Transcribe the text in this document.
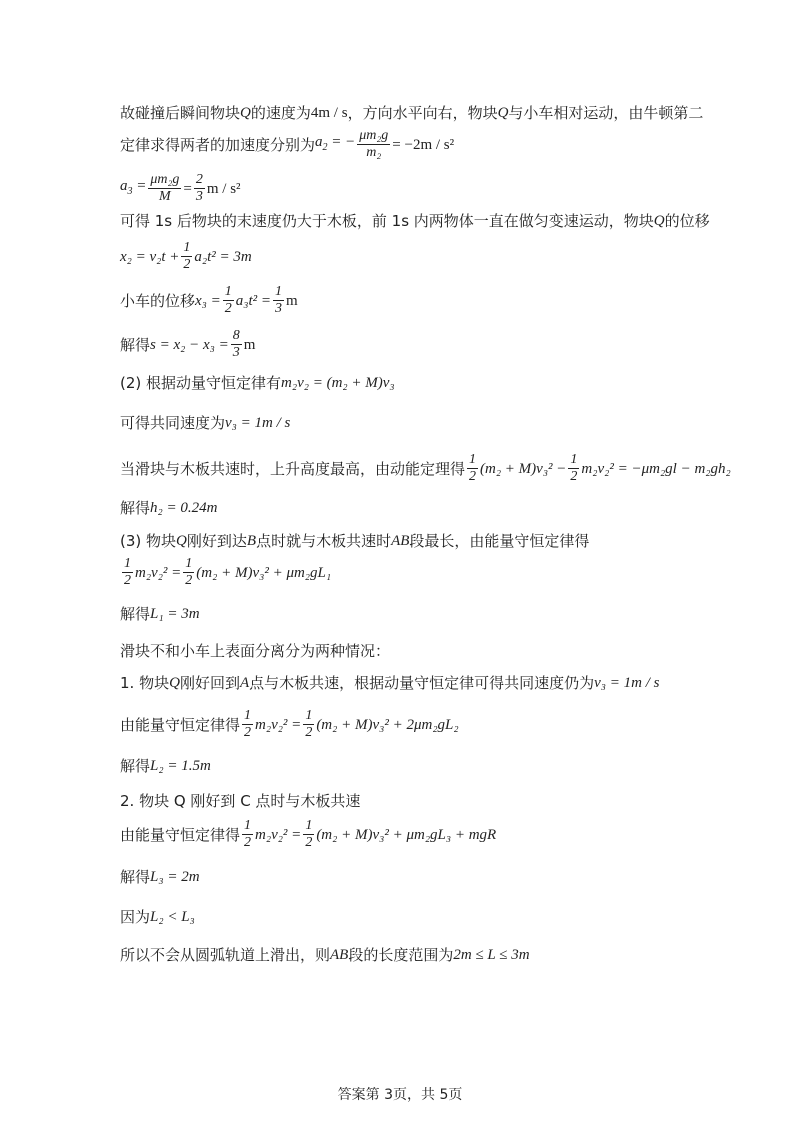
故碰撞后瞬间物块 Q 的速度为 4m / s ，方向水平向右，物块 Q 与小车相对运动，由牛顿第二
定律求得两者的加速度分别为 $a_2$ = − $\frac{\text{μm₂g}}{\text{m₂}} = -2m / s^2$
$a_3 = \frac{\text{μm₂g}}{M} = \frac{2}{3}$ m / s²
可得 1s 后物块的末速度仍大于木板，前 1s 内两物体一直在做匀变速运动，物块 Q 的位移
$x_2 = v_2t + \frac{1}{2} a_2t^2 = 3m$
小车的位移 $x_3 = \frac{1}{2} a_3t^2 = \frac{1}{3}$ m
解得 $s = x_2 - x_3 = \frac{8}{3}$ m
(2) 根据动量守恒定律有 m₂v₂ = (m₂ + M)v₃
可得共同速度为 v₃ = 1m / s
当滑块与木板共速时，上升高度最高，由动能定理得 $\frac{1}{2} (m_2 + M)v_3^2 - \frac{1}{2} m_2v_2^2 = -\mu m_2gl - m_2gh_2$
解得 h₂ = 0.24m
(3) 物块 Q 刚好到达 B 点时就与木板共速时 AB 段最长，由能量守恒定律得
$\frac{1}{2} m_2v_2^2 = \frac{1}{2} (m_2 + M)v_3^2 + \mu m_2gL_1$
解得 L₁ = 3m
滑块不和小车上表面分离分为两种情况：
1. 物块 Q 刚好回到 A 点与木板共速，根据动量守恒定律可得共同速度仍为 v₃ = 1m / s
由能量守恒定律得 $\frac{1}{2} m_2v_2^2 = \frac{1}{2} (m_2 + M)v_3^2 + 2\mu m_2gL_2$
解得 L₂ = 1.5m
2. 物块 Q 刚好到 C 点时与木板共速
由能量守恒定律得 $\frac{1}{2} m_2v_2^2 = \frac{1}{2} (m_2 + M)v_3^2 + \mu m_2gL_3$ + mgR
解得 L₃ = 2m
因为 L₂ < L₃
所以不会从圆弧轨道上滑出，则 AB 段的长度范围为 2m ≤ L ≤ 3m
答案第 3页，共 5页
